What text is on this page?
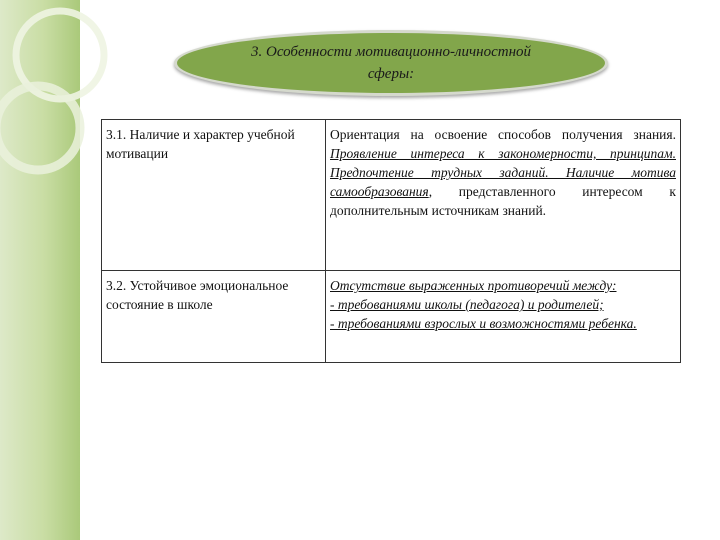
3. Особенности мотивационно-личностной сферы:
3.1. Наличие и характер учебной мотивации	Ориентация на освоение способов получения знания. Проявление интереса к закономерности, принципам. Предпочтение трудных заданий. Наличие мотива самообразования, представленного интересом к дополнительным источникам знаний.
3.2. Устойчивое эмоциональное состояние в школе	Отсутствие выраженных противоречий между:
- требованиями школы (педагога) и родителей;
- требованиями взрослых и возможностями ребенка.
